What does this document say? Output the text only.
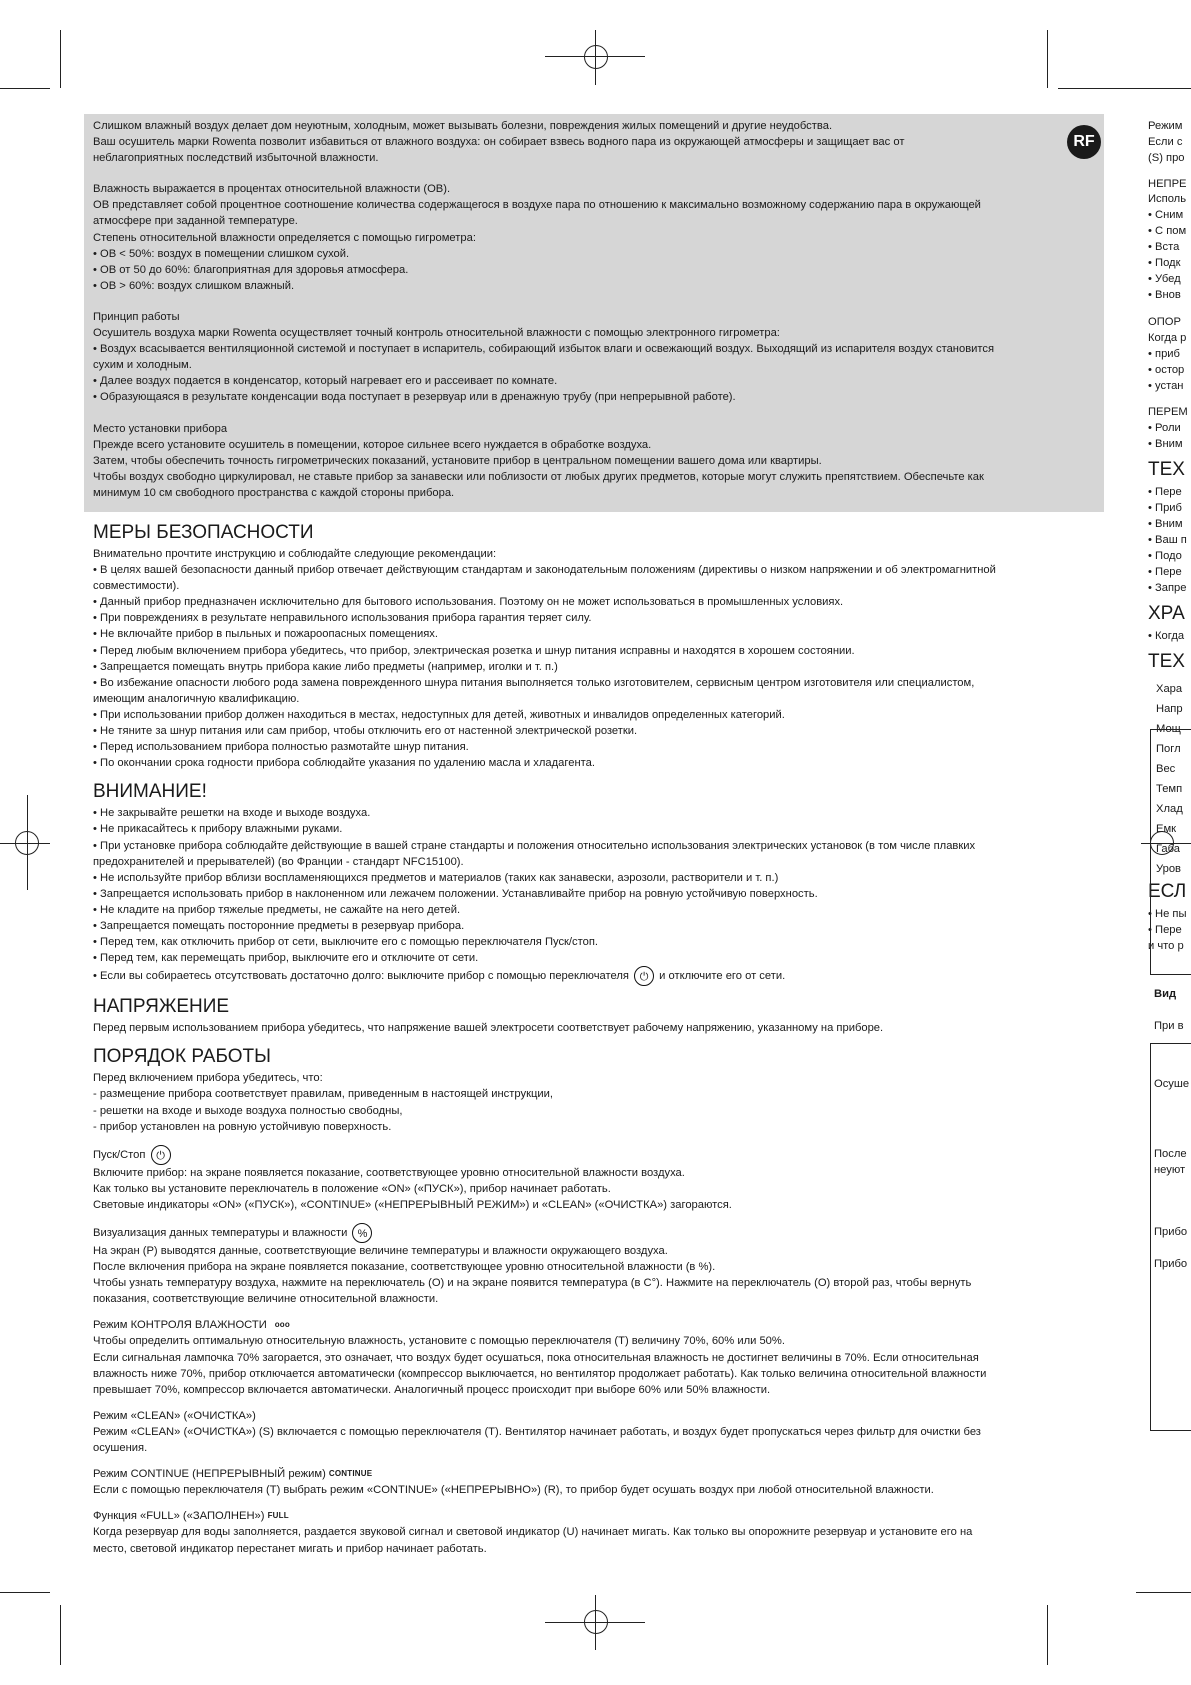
RF
Слишком влажный воздух делает дом неуютным, холодным, может вызывать болезни, повреждения жилых помещений и другие неудобства.
Ваш осушитель марки Rowenta позволит избавиться от влажного воздуха: он собирает взвесь водного пара из окружающей атмосферы и защищает вас от
неблагоприятных последствий избыточной влажности.
Влажность выражается в процентах относительной влажности (ОВ).
ОВ представляет собой процентное соотношение количества содержащегося в воздухе пара по отношению к максимально возможному содержанию пара в окружающей
атмосфере при заданной температуре.
Степень относительной влажности определяется с помощью гигрометра:
• ОВ < 50%: воздух в помещении слишком сухой.
• ОВ от 50 до 60%: благоприятная для здоровья атмосфера.
• ОВ > 60%: воздух слишком влажный.
Принцип работы
Осушитель воздуха марки Rowenta осуществляет точный контроль относительной влажности с помощью электронного гигрометра:
• Воздух всасывается вентиляционной системой и поступает в испаритель, собирающий избыток влаги и освежающий воздух. Выходящий из испарителя воздух становится
сухим и холодным.
• Далее воздух подается в конденсатор, который нагревает его и рассеивает по комнате.
• Образующаяся в результате конденсации вода поступает в резервуар или в дренажную трубу (при непрерывной работе).
Место установки прибора
Прежде всего установите осушитель в помещении, которое сильнее всего нуждается в обработке воздуха.
Затем, чтобы обеспечить точность гигрометрических показаний, установите прибор в центральном помещении вашего дома или квартиры.
Чтобы воздух свободно циркулировал, не ставьте прибор за занавески или поблизости от любых других предметов, которые могут служить препятствием. Обеспечьте как
минимум 10 см свободного пространства с каждой стороны прибора.
МЕРЫ БЕЗОПАСНОСТИ
Внимательно прочтите инструкцию и соблюдайте следующие рекомендации:
• В целях вашей безопасности данный прибор отвечает действующим стандартам и законодательным положениям (директивы о низком напряжении и об электромагнитной
совместимости).
• Данный прибор предназначен исключительно для бытового использования. Поэтому он не может использоваться в промышленных условиях.
• При повреждениях в результате неправильного использования прибора гарантия теряет силу.
• Не включайте прибор в пыльных и пожароопасных помещениях.
• Перед любым включением прибора убедитесь, что прибор, электрическая розетка и шнур питания исправны и находятся в хорошем состоянии.
• Запрещается помещать внутрь прибора какие либо предметы (например, иголки и т. п.)
• Во избежание опасности любого рода замена поврежденного шнура питания выполняется только изготовителем, сервисным центром изготовителя или специалистом,
имеющим аналогичную квалификацию.
• При использовании прибор должен находиться в местах, недоступных для детей, животных и инвалидов определенных категорий.
• Не тяните за шнур питания или сам прибор, чтобы отключить его от настенной электрической розетки.
• Перед использованием прибора полностью размотайте шнур питания.
• По окончании срока годности прибора соблюдайте указания по удалению масла и хладагента.
ВНИМАНИЕ!
• Не закрывайте решетки на входе и выходе воздуха.
• Не прикасайтесь к прибору влажными руками.
• При установке прибора соблюдайте действующие в вашей стране стандарты и положения относительно использования электрических установок (в том числе плавких
предохранителей и прерывателей) (во Франции - стандарт NFC15100).
• Не используйте прибор вблизи воспламеняющихся предметов и материалов (таких как занавески, аэрозоли, растворители и т. п.)
• Запрещается использовать прибор в наклоненном или лежачем положении. Устанавливайте прибор на ровную устойчивую поверхность.
• Не кладите на прибор тяжелые предметы, не сажайте на него детей.
• Запрещается помещать посторонние предметы в резервуар прибора.
• Перед тем, как отключить прибор от сети, выключите его с помощью переключателя Пуск/стоп.
• Перед тем, как перемещать прибор, выключите его и отключите от сети.
• Если вы собираетесь отсутствовать достаточно долго: выключите прибор с помощью переключателя ⏻ и отключите его от сети.
НАПРЯЖЕНИЕ
Перед первым использованием прибора убедитесь, что напряжение вашей электросети соответствует рабочему напряжению, указанному на приборе.
ПОРЯДОК РАБОТЫ
Перед включением прибора убедитесь, что:
- размещение прибора соответствует правилам, приведенным в настоящей инструкции,
- решетки на входе и выходе воздуха полностью свободны,
- прибор установлен на ровную устойчивую поверхность.
Пуск/Стоп ⏻
Включите прибор: на экране появляется показание, соответствующее уровню относительной влажности воздуха.
Как только вы установите переключатель в положение «ON» («ПУСК»), прибор начинает работать.
Световые индикаторы «ON» («ПУСК»), «CONTINUE» («НЕПРЕРЫВНЫЙ РЕЖИМ») и «CLEAN» («ОЧИСТКА») загораются.
Визуализация данных температуры и влажности %
На экран (P) выводятся данные, соответствующие величине температуры и влажности окружающего воздуха.
После включения прибора на экране появляется показание, соответствующее уровню относительной влажности (в %).
Чтобы узнать температуру воздуха, нажмите на переключатель (O) и на экране появится температура (в С°). Нажмите на переключатель (O) второй раз, чтобы вернуть
показания, соответствующие величине относительной влажности.
Режим КОНТРОЛЯ ВЛАЖНОСТИ   ooo
Чтобы определить оптимальную относительную влажность, установите с помощью переключателя (T) величину 70%, 60% или 50%.
Если сигнальная лампочка 70% загорается, это означает, что воздух будет осушаться, пока относительная влажность не достигнет величины в 70%. Если относительная
влажность ниже 70%, прибор отключается автоматически (компрессор выключается, но вентилятор продолжает работать). Как только величина относительной влажности
превышает 70%, компрессор включается автоматически. Аналогичный процесс происходит при выборе 60% или 50% влажности.
Режим «CLEAN» («ОЧИСТКА»)
Режим «CLEAN» («ОЧИСТКА») (S) включается с помощью переключателя (T). Вентилятор начинает работать, и воздух будет пропускаться через фильтр для очистки без
осушения.
Режим CONTINUE (НЕПРЕРЫВНЫЙ режим) CONTINUE
Если с помощью переключателя (T) выбрать режим «CONTINUE» («НЕПРЕРЫВНО») (R), то прибор будет осушать воздух при любой относительной влажности.
Функция «FULL» («ЗАПОЛНЕН») FULL
Когда резервуар для воды заполняется, раздается звуковой сигнал и световой индикатор (U) начинает мигать. Как только вы опорожните резервуар и установите его на
место, световой индикатор перестанет мигать и прибор начинает работать.
Режим
Если с
(S) про
НЕПРЕ
Исполь
• Сним
• С пом
• Вста
• Подк
• Убед
• Внов
ОПОР
Когда р
• приб
• остор
• устан
ПЕРЕМ
• Роли
• Вним
ТЕХ
• Пере
• Приб
• Вним
• Ваш п
• Подо
• Пере
• Запре
ХРА
• Когда
ТЕХ
Хара
Напр
Мощ
Погл
Вес
Темп
Хлад
Емк
Габа
Уров
ЕСЛ
• Не пы
• Пере
и что р
Вид
При в
Осуше
После
неуют
Прибо
Прибо
